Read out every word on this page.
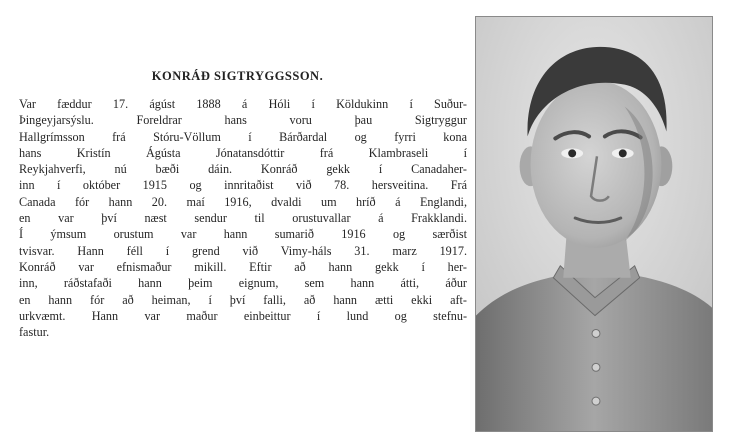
KONRÁÐ SIGTRYGGSSON.
Var fæddur 17. ágúst 1888 á Hóli í Köldukinn í Suður-
Þingeyjarsýslu. Foreldrar hans voru þau Sigtryggur
Hallgrímsson frá Stóru-Völlum í Bárðardal og fyrri kona
hans Kristín Ágústa Jónatansdóttir frá Klambraseli í
Reykjahverfi, nú bæði dáin. Konráð gekk í Canadaher-
inn í október 1915 og innritaðist við 78. hersveitina. Frá
Canada fór hann 20. maí 1916, dvaldi um hríð á Englandi,
en var því næst sendur til orustuvallar á Frakklandi.
Í ýmsum orustum var hann sumarið 1916 og særðist
tvisvar. Hann féll í grend við Vimy-háls 31. marz 1917.
Konráð var efnismaður mikill. Eftir að hann gekk í her-
inn, ráðstafaði hann þeim eignum, sem hann átti, áður
en hann fór að heiman, í því falli, að hann ætti ekki aft-
urkvæmt. Hann var maður einbeittur í lund og stefnu-
fastur.
